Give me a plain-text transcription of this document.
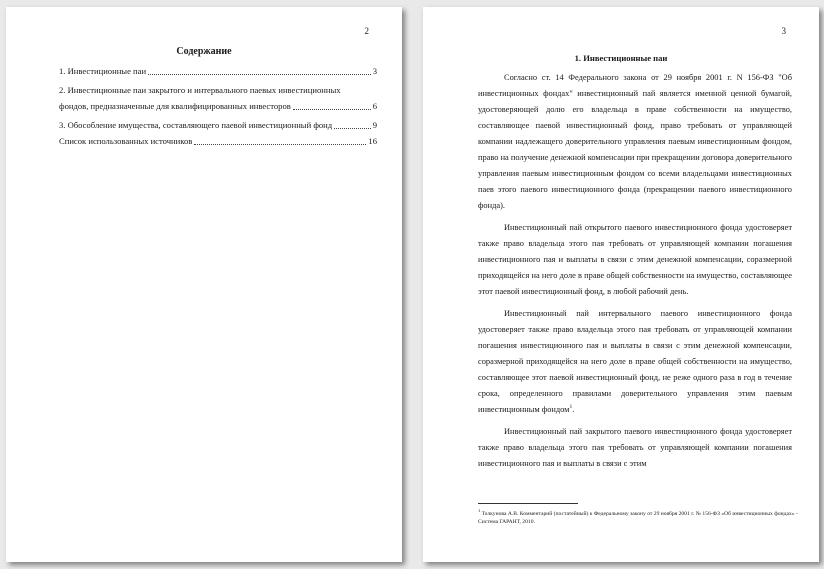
2
Содержание
1. Инвестиционные паи	3
2. Инвестиционные паи закрытого и интервального паевых инвестиционных
фондов, предназначенные для квалифицированных инвесторов	6
3. Обособление имущества, составляющего паевой инвестиционный фонд	9
Список использованных источников	16
3
1. Инвестиционные паи

Согласно ст. 14 Федерального закона от 29 ноября 2001 г. N 156-ФЗ "Об инвестиционных фондах" инвестиционный пай является именной ценной бумагой, удостоверяющей долю его владельца в праве собственности на имущество, составляющее паевой инвестиционный фонд, право требовать от управляющей компании надлежащего доверительного управления паевым инвестиционным фондом, право на получение денежной компенсации при прекращении договора доверительного управления паевым инвестиционным фондом со всеми владельцами инвестиционных паев этого паевого инвестиционного фонда (прекращении паевого инвестиционного фонда).

Инвестиционный пай открытого паевого инвестиционного фонда удостоверяет также право владельца этого пая требовать от управляющей компании погашения инвестиционного пая и выплаты в связи с этим денежной компенсации, соразмерной приходящейся на него доле в праве общей собственности на имущество, составляющее этот паевой инвестиционный фонд, в любой рабочий день.

Инвестиционный пай интервального паевого инвестиционного фонда удостоверяет также право владельца этого пая требовать от управляющей компании погашения инвестиционного пая и выплаты в связи с этим денежной компенсации, соразмерной приходящейся на него доле в праве общей собственности на имущество, составляющее этот паевой инвестиционный фонд, не реже одного раза в год в течение срока, определенного правилами доверительного управления этим паевым инвестиционным фондом$^1$.

Инвестиционный пай закрытого паевого инвестиционного фонда удостоверяет также право владельца этого пая требовать от управляющей компании погашения инвестиционного пая и выплаты в связи с этим

$^1$ Толкунова А.В. Комментарий (постатейный) к Федеральному закону от 29 ноября 2001 г. № 156-ФЗ «Об инвестиционных фондах» - Система ГАРАНТ, 2010.
